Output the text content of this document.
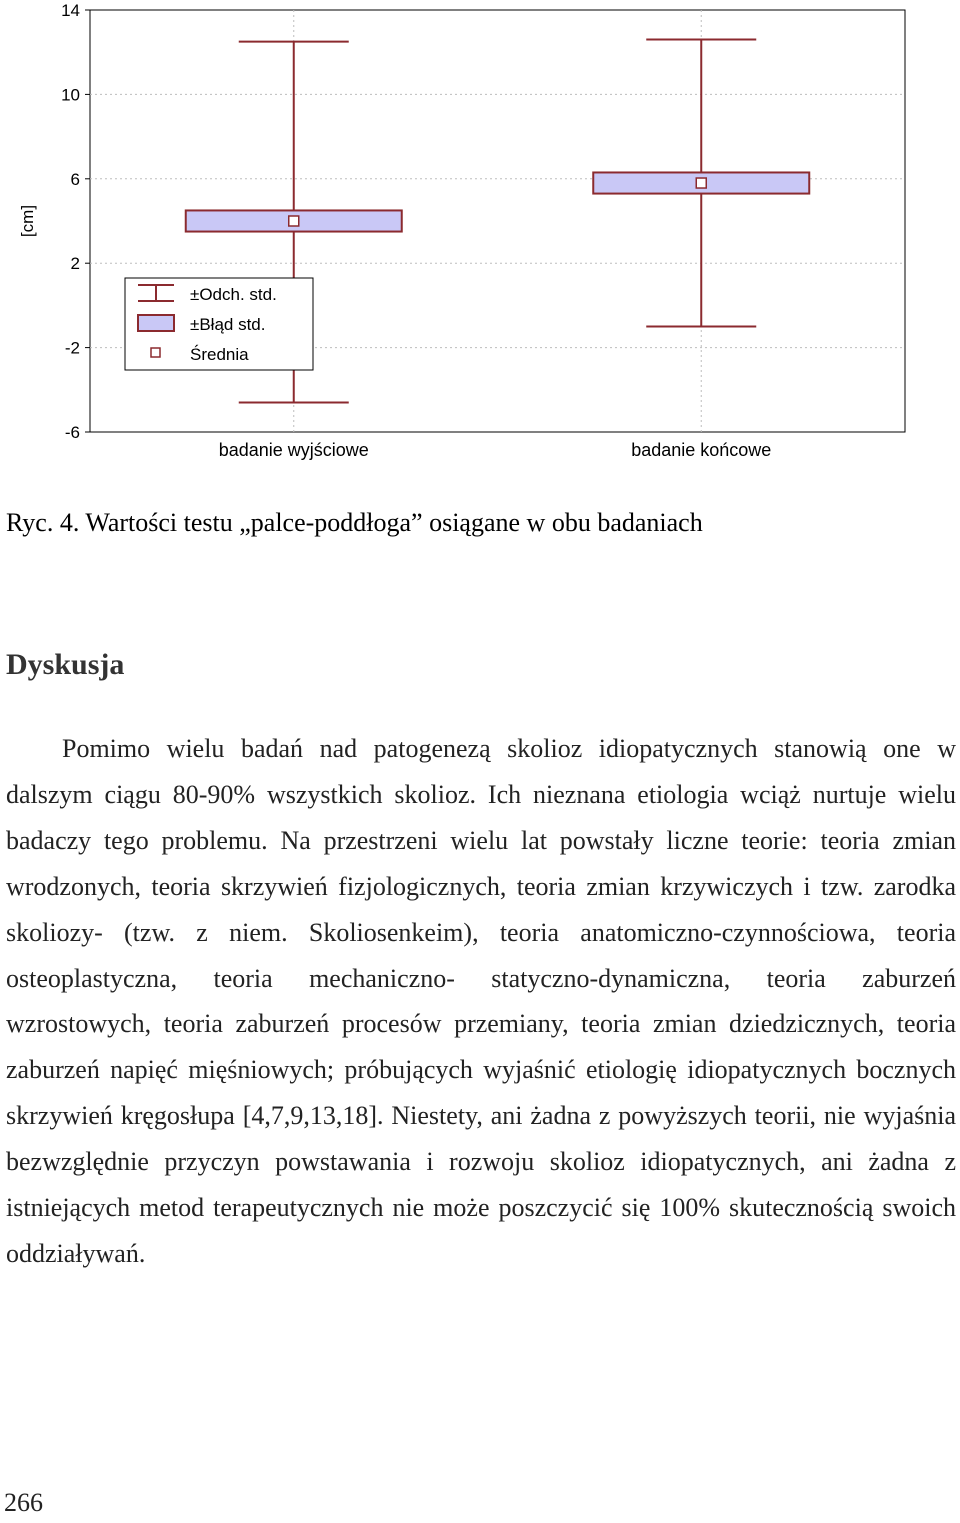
14
10
6
2
-2
-6
[cm]
badanie wyjściowe	badanie końcowe
±Odch. std.
±Błąd std.
Średnia
Ryc. 4. Wartości testu „palce-poddłoga” osiągane w obu badaniach
Dyskusja

Pomimo wielu badań nad patogenezą skolioz idiopatycznych stanowią one w dalszym ciągu 80-90% wszystkich skolioz. Ich nieznana etiologia wciąż nurtuje wielu badaczy tego problemu. Na przestrzeni wielu lat powstały liczne teorie: teoria zmian wrodzonych, teoria skrzywień fizjologicznych, teoria zmian krzywiczych i tzw. zarodka skoliozy- (tzw. z niem. Skoliosenkeim), teoria anatomiczno-czynnościowa, teoria osteoplastyczna, teoria mechaniczno- statyczno-dynamiczna, teoria zaburzeń wzrostowych, teoria zaburzeń procesów przemiany, teoria zmian dziedzicznych, teoria zaburzeń napięć mięśniowych; próbujących wyjaśnić etiologię idiopatycznych bocznych skrzywień kręgosłupa [4,7,9,13,18]. Niestety, ani żadna z powyższych teorii, nie wyjaśnia bezwzględnie przyczyn powstawania i rozwoju skolioz idiopatycznych, ani żadna z istniejących metod terapeutycznych nie może poszczycić się 100% skutecznością swoich oddziaływań.

266
